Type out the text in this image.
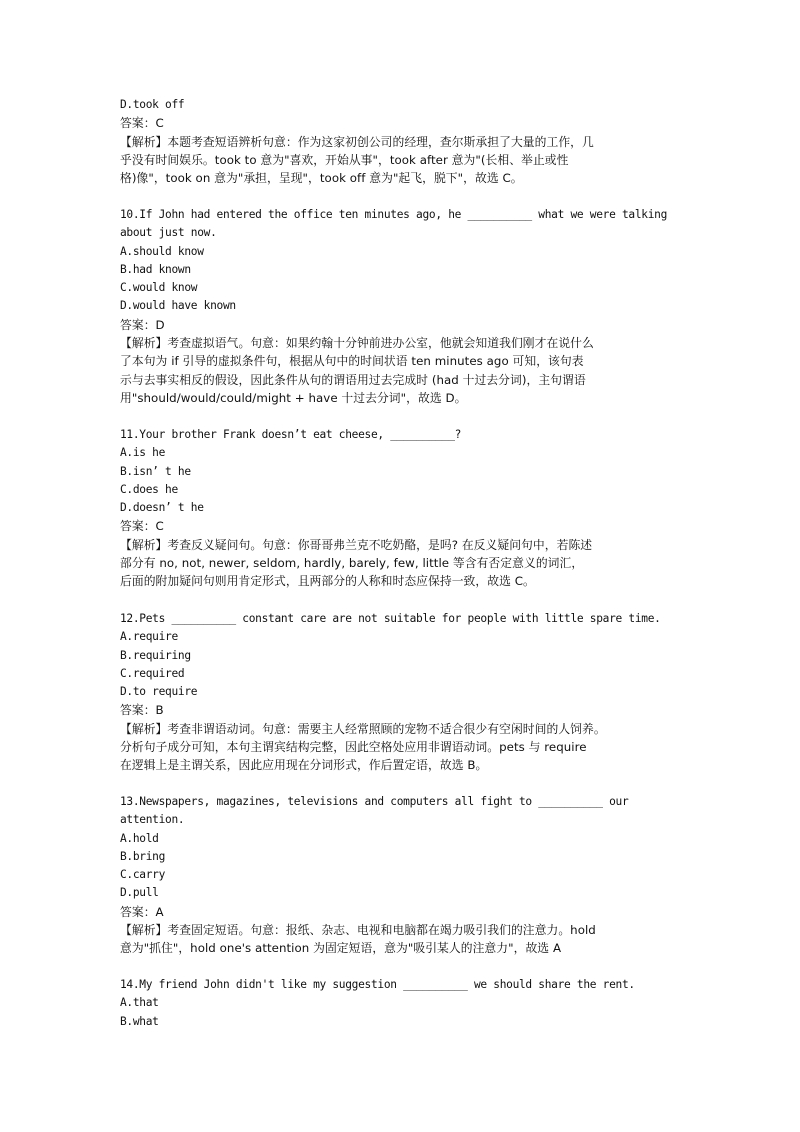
D.took off
答案：C
【解析】本题考查短语辨析句意：作为这家初创公司的经理，查尔斯承担了大量的工作，几
乎没有时间娱乐。took to 意为"喜欢，开始从事"，took after 意为"(长相、举止或性
格)像"，took on 意为"承担，呈现"，took off 意为"起飞，脱下"，故选 C。
10.If John had entered the office ten minutes ago, he __________ what we were talking
about just now.
A.should know
B.had known
C.would know
D.would have known
答案：D
【解析】考查虚拟语气。句意：如果约翰十分钟前进办公室，他就会知道我们刚才在说什么
了本句为 if 引导的虚拟条件句，根据从句中的时间状语 ten minutes ago 可知，该句表
示与去事实相反的假设，因此条件从句的谓语用过去完成时 (had 十过去分词)，主句谓语
用"should/would/could/might + have 十过去分词"，故选 D。
11.Your brother Frank doesn’t eat cheese, __________?
A.is he
B.isn’ t he
C.does he
D.doesn’ t he
答案：C
【解析】考查反义疑问句。句意：你哥哥弗兰克不吃奶酪，是吗? 在反义疑问句中，若陈述
部分有 no, not, newer, seldom, hardly, barely, few, little 等含有否定意义的词汇，
后面的附加疑问句则用肯定形式，且两部分的人称和时态应保持一致，故选 C。
12.Pets __________ constant care are not suitable for people with little spare time.
A.require
B.requiring
C.required
D.to require
答案：B
【解析】考查非谓语动词。句意：需要主人经常照顾的宠物不适合很少有空闲时间的人饲养。
分析句子成分可知，本句主谓宾结构完整，因此空格处应用非谓语动词。pets 与 require
在逻辑上是主谓关系，因此应用现在分词形式，作后置定语，故选 B。
13.Newspapers, magazines, televisions and computers all fight to __________ our
attention.
A.hold
B.bring
C.carry
D.pull
答案：A
【解析】考查固定短语。句意：报纸、杂志、电视和电脑都在竭力吸引我们的注意力。hold
意为"抓住"，hold one's attention 为固定短语，意为"吸引某人的注意力"，故选 A
14.My friend John didn't like my suggestion __________ we should share the rent.
A.that
B.what
